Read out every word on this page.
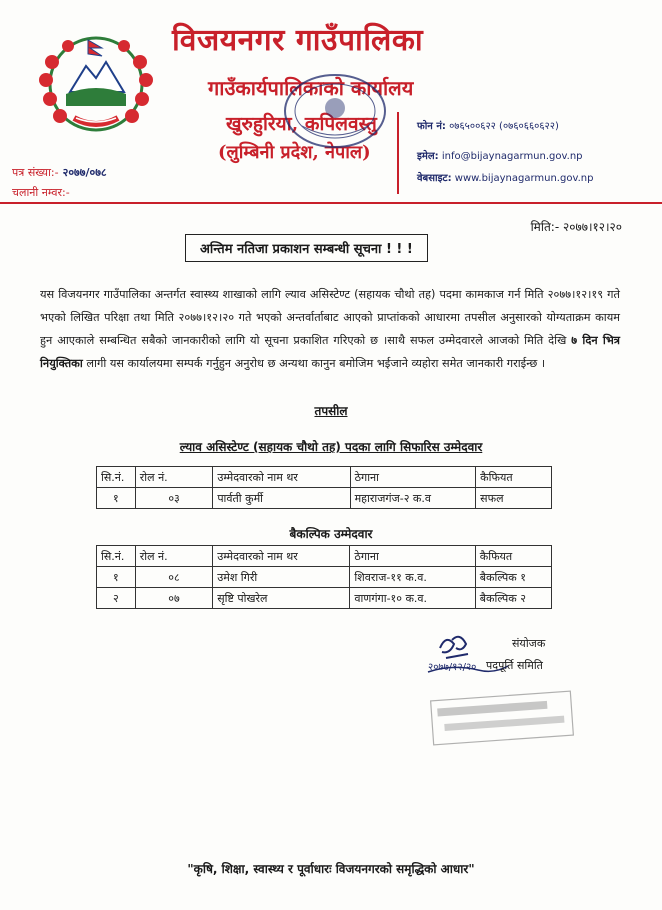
विजयनगर गाउँपालिका
गाउँकार्यपालिकाको कार्यालय
खुरुहुरिया, कपिलवस्तु
(लुम्बिनी प्रदेश, नेपाल)
फोन नं: ०७६५००६२२ (०७६०६६०६२२)
इमेल: info@bijaynagarmun.gov.np
वेबसाइट: www.bijaynagarmun.gov.np
पत्र संख्या:- २०७७/०७८
चलानी नम्वर:-
मिति:- २०७७।१२।२०
अन्तिम नतिजा प्रकाशन सम्बन्धी सूचना ! ! !
यस विजयनगर गाउँपालिका अन्तर्गत स्वास्थ्य शाखाको लागि ल्याव असिस्टेण्ट (सहायक चौथो तह) पदमा कामकाज गर्न मिति २०७७।१२।१९ गते भएको लिखित परिक्षा तथा मिति २०७७।१२।२० गते भएको अन्तर्वार्ताबाट आएको प्राप्तांकको आधारमा तपसील अनुसारको योग्यताक्रम कायम हुन आएकाले सम्बन्धित सबैको जानकारीको लागि यो सूचना प्रकाशित गरिएको छ ।साथै सफल उम्मेदवारले आजको मिति देखि ७ दिन भित्र नियुक्तिका लागी यस कार्यालयमा सम्पर्क गर्नुहुन अनुरोध छ अन्यथा कानुन बमोजिम भईजाने व्यहोरा समेत जानकारी गराईन्छ ।
तपसील
ल्याव असिस्टेण्ट (सहायक चौथो तह) पदका लागि सिफारिस उम्मेदवार
सि.नं.	रोल नं.	उम्मेदवारको नाम थर	ठेगाना	कैफियत
१	०३	पार्वती कुर्मी	महाराजगंज-२ क.व	सफल
बैकल्पिक उम्मेदवार
सि.नं.	रोल नं.	उम्मेदवारको नाम थर	ठेगाना	कैफियत
१	०८	उमेश गिरी	शिवराज-११ क.व.	बैकल्पिक १
२	०७	सृष्टि पोखरेल	वाणगंगा-१० क.व.	बैकल्पिक २
२०७७/१२/२०
संयोजक
पदपूर्ति समिति
"कृषि, शिक्षा, स्वास्थ्य र पूर्वाधारः विजयनगरको समृद्धिको आधार"
